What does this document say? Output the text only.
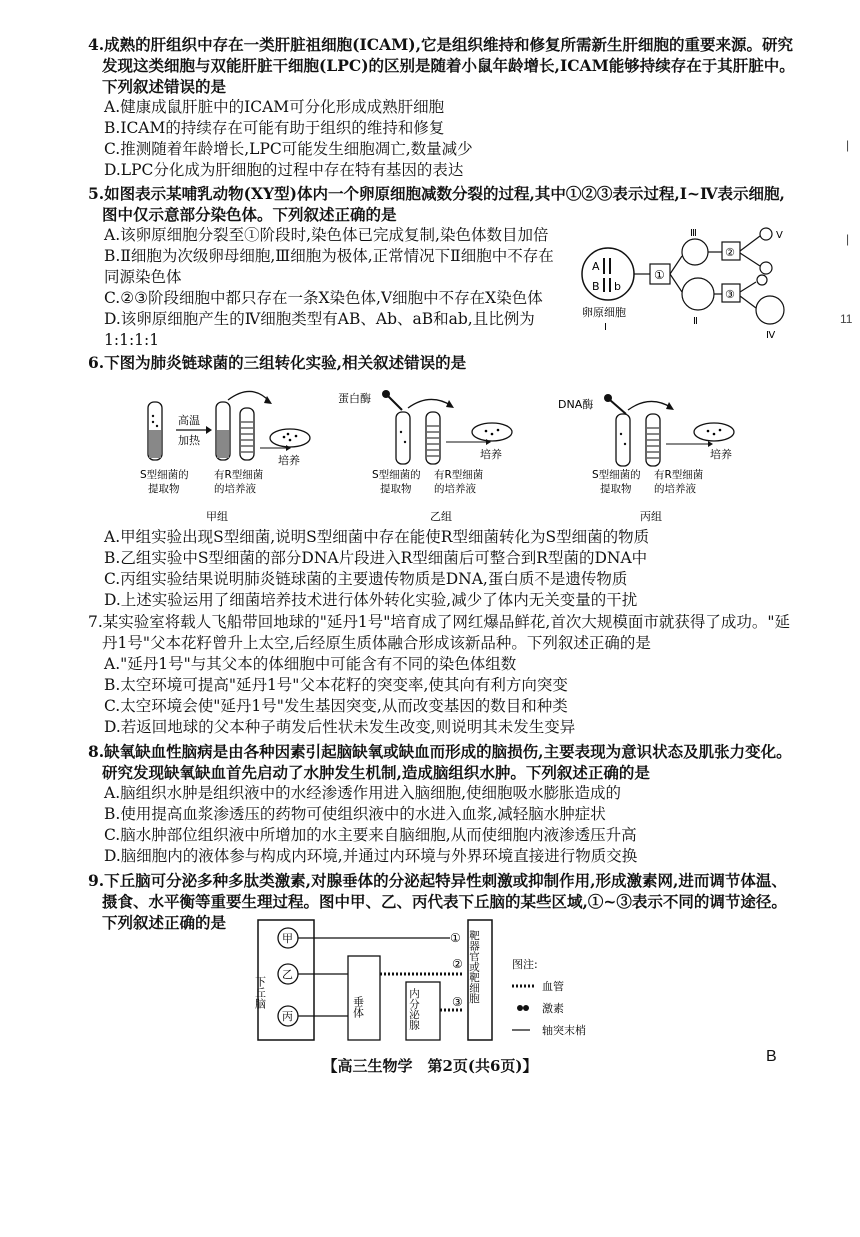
4.成熟的肝组织中存在一类肝脏祖细胞(ICAM),它是组织维持和修复所需新生肝细胞的重要来源。研究发现这类细胞与双能肝脏干细胞(LPC)的区别是随着小鼠年龄增长,ICAM能够持续存在于其肝脏中。下列叙述错误的是

A.健康成鼠肝脏中的ICAM可分化形成成熟肝细胞

B.ICAM的持续存在可能有助于组织的维持和修复

C.推测随着年龄增长,LPC可能发生细胞凋亡,数量减少

D.LPC分化成为肝细胞的过程中存在特有基因的表达

5.如图表示某哺乳动物(XY型)体内一个卵原细胞减数分裂的过程,其中①②③表示过程,Ⅰ~Ⅳ表示细胞,图中仅示意部分染色体。下列叙述正确的是

A.该卵原细胞分裂至①阶段时,染色体已完成复制,染色体数目加倍

B.Ⅱ细胞为次级卵母细胞,Ⅲ细胞为极体,正常情况下Ⅱ细胞中不存在同源染色体

C.②③阶段细胞中都只存在一条X染色体,Ⅴ细胞中不存在X染色体

D.该卵原细胞产生的Ⅳ细胞类型有AB、Ab、aB和ab,且比例为1:1:1:1

A
B b
卵原细胞
Ⅰ
①
Ⅲ
Ⅱ
②
③
Ⅴ
Ⅳ

6.下图为肺炎链球菌的三组转化实验,相关叙述错误的是

高温
加热
培养
S型细菌的
提取物
有R型细菌
的培养液
甲组
蛋白酶
培养
S型细菌的
提取物
有R型细菌
的培养液
乙组
DNA酶
培养
S型细菌的
提取物
有R型细菌
的培养液
丙组

A.甲组实验出现S型细菌,说明S型细菌中存在能使R型细菌转化为S型细菌的物质

B.乙组实验中S型细菌的部分DNA片段进入R型细菌后可整合到R型菌的DNA中

C.丙组实验结果说明肺炎链球菌的主要遗传物质是DNA,蛋白质不是遗传物质

D.上述实验运用了细菌培养技术进行体外转化实验,减少了体内无关变量的干扰

7.某实验室将载人飞船带回地球的"延丹1号"培育成了网红爆品鲜花,首次大规模面市就获得了成功。"延丹1号"父本花籽曾升上太空,后经原生质体融合形成该新品种。下列叙述正确的是

A."延丹1号"与其父本的体细胞中可能含有不同的染色体组数

B.太空环境可提高"延丹1号"父本花籽的突变率,使其向有利方向突变

C.太空环境会使"延丹1号"发生基因突变,从而改变基因的数目和种类

D.若返回地球的父本种子萌发后性状未发生改变,则说明其未发生变异

8.缺氧缺血性脑病是由各种因素引起脑缺氧或缺血而形成的脑损伤,主要表现为意识状态及肌张力变化。研究发现缺氧缺血首先启动了水肿发生机制,造成脑组织水肿。下列叙述正确的是

A.脑组织水肿是组织液中的水经渗透作用进入脑细胞,使细胞吸水膨胀造成的

B.使用提高血浆渗透压的药物可使组织液中的水进入血浆,减轻脑水肿症状

C.脑水肿部位组织液中所增加的水主要来自脑细胞,从而使细胞内液渗透压升高

D.脑细胞内的液体参与构成内环境,并通过内环境与外界环境直接进行物质交换

9.下丘脑可分泌多种多肽类激素,对腺垂体的分泌起特异性刺激或抑制作用,形成激素网,进而调节体温、摄食、水平衡等重要生理过程。图中甲、乙、丙代表下丘脑的某些区域,①~③表示不同的调节途径。下列叙述正确的是

下丘脑
甲
乙
丙
①
垂体
②
内分泌腺	③ 靶器官或靶细胞	图注:
血管
激素
轴突末梢
【高三生物学　第2页(共6页)】
B
|
|
11
